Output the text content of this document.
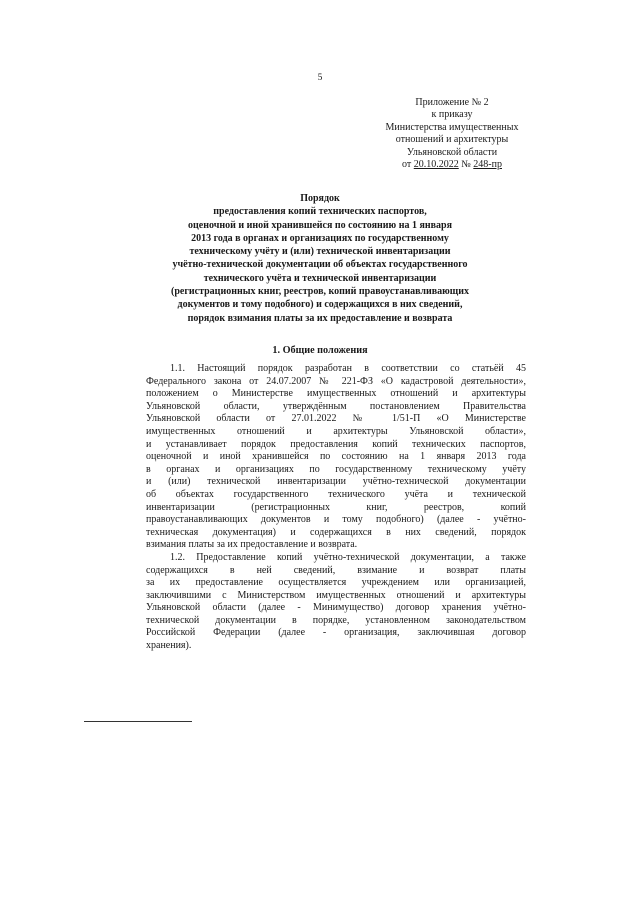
5
Приложение № 2
к приказу
Министерства имущественных
отношений и архитектуры
Ульяновской области
от 20.10.2022 № 248-пр
Порядок
предоставления копий технических паспортов,
оценочной и иной хранившейся по состоянию на 1 января
2013 года в органах и организациях по государственному
техническому учёту и (или) технической инвентаризации
учётно-технической документации об объектах государственного
технического учёта и технической инвентаризации
(регистрационных книг, реестров, копий правоустанавливающих
документов и тому подобного) и содержащихся в них сведений,
порядок взимания платы за их предоставление и возврата
1. Общие положения
1.1. Настоящий порядок разработан в соответствии со статьёй 45
Федерального закона от 24.07.2007 № 221-ФЗ «О кадастровой деятельности»,
положением о Министерстве имущественных отношений и архитектуры
Ульяновской области, утверждённым постановлением Правительства
Ульяновской области от 27.01.2022 № 1/51-П «О Министерстве
имущественных отношений и архитектуры Ульяновской области»,
и устанавливает порядок предоставления копий технических паспортов,
оценочной и иной хранившейся по состоянию на 1 января 2013 года
в органах и организациях по государственному техническому учёту
и (или) технической инвентаризации учётно-технической документации
об объектах государственного технического учёта и технической
инвентаризации (регистрационных книг, реестров, копий
правоустанавливающих документов и тому подобного) (далее - учётно-
техническая документация) и содержащихся в них сведений, порядок
взимания платы за их предоставление и возврата.
1.2. Предоставление копий учётно-технической документации, а также
содержащихся в ней сведений, взимание и возврат платы
за их предоставление осуществляется учреждением или организацией,
заключившими с Министерством имущественных отношений и архитектуры
Ульяновской области (далее - Минимущество) договор хранения учётно-
технической документации в порядке, установленном законодательством
Российской Федерации (далее - организация, заключившая договор
хранения).
